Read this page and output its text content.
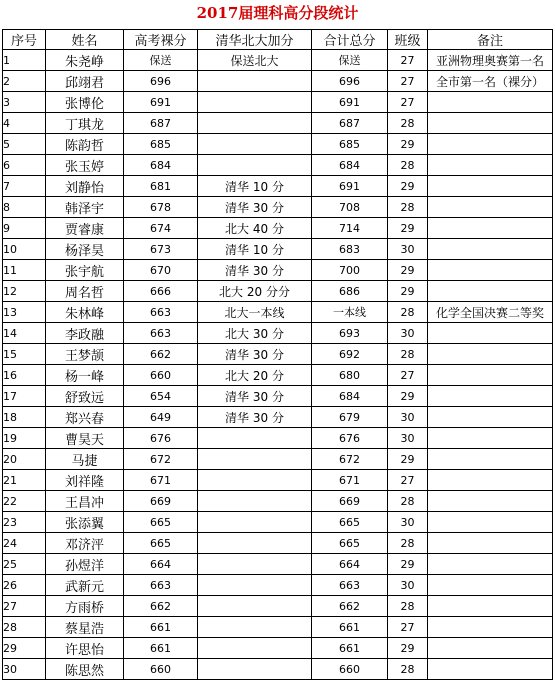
2017届理科高分段统计
序号	姓名	高考裸分	清华北大加分	合计总分	班级	备注
1	朱尧峥	保送	保送北大	保送	27	亚洲物理奥赛第一名
2	邱翊君	696		696	27	全市第一名（裸分）
3	张博伦	691		691	27	
4	丁琪龙	687		687	28	
5	陈韵哲	685		685	29	
6	张玉婷	684		684	28	
7	刘静怡	681	清华 10 分	691	29	
8	韩泽宇	678	清华 30 分	708	28	
9	贾睿康	674	北大 40 分	714	29	
10	杨泽昊	673	清华 10 分	683	30	
11	张宇航	670	清华 30 分	700	29	
12	周名哲	666	北大 20 分分	686	29	
13	朱林峰	663	北大一本线	一本线	28	化学全国决赛二等奖
14	李政融	663	北大 30 分	693	30	
15	王梦颉	662	清华 30 分	692	28	
16	杨一峰	660	北大 20 分	680	27	
17	舒致远	654	清华 30 分	684	29	
18	郑兴春	649	清华 30 分	679	30	
19	曹昊天	676		676	30	
20	马捷	672		672	29	
21	刘祥隆	671		671	27	
22	王昌冲	669		669	28	
23	张添翼	665		665	30	
24	邓济泙	665		665	28	
25	孙煜洋	664		664	29	
26	武新元	663		663	30	
27	方雨桥	662		662	28	
28	蔡星浩	661		661	27	
29	许思怡	661		661	29	
30	陈思然	660		660	28	
